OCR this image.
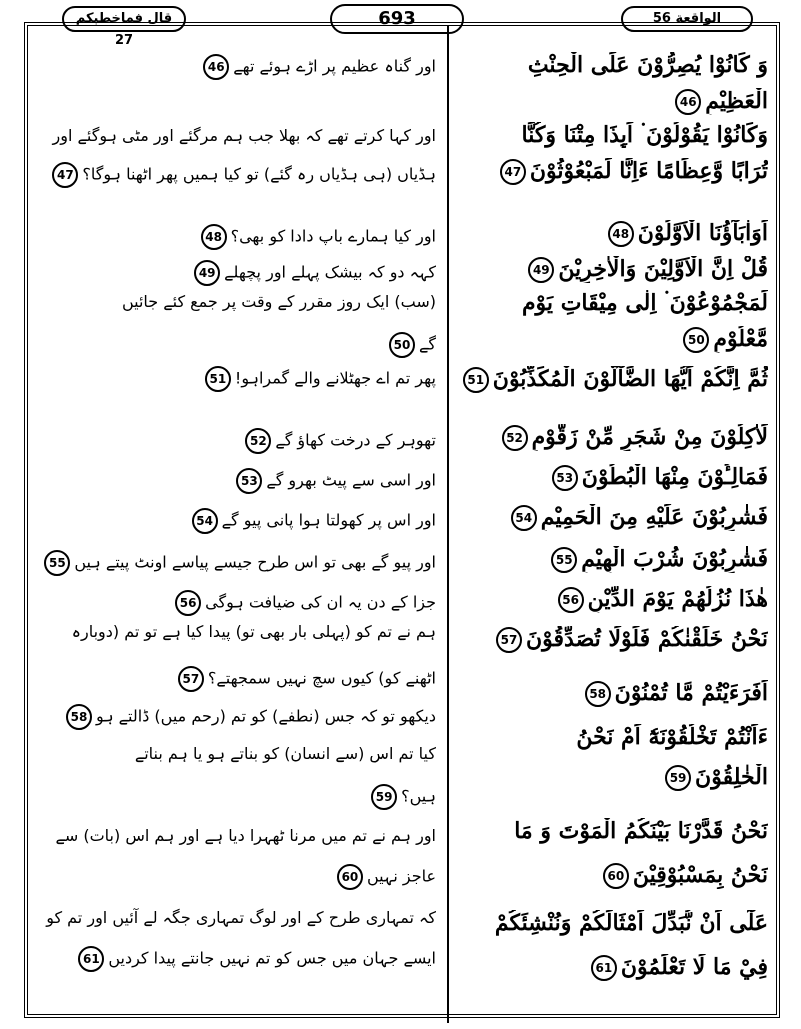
قال فماخطبکم 27
693	الواقعة 56
وَ كَانُوْا يُصِرُّوْنَ عَلَى الْحِنْثِ
الْعَظِيْمِ46
وَكَانُوْا يَقُوْلُوْنَ ۬ اَىِٕذَا مِتْنَا وَكُنَّا
تُرَابًا وَّعِظَامًا ءَاِنَّا لَمَبْعُوْثُوْنَ47
اَوَاٰبَآؤُنَا الْاَوَّلُوْنَ48
قُلْ اِنَّ الْاَوَّلِيْنَ وَالْاٰخِرِيْنَ49
لَمَجْمُوْعُوْنَ ۬ اِلٰى مِيْقَاتِ يَوْمٍ
مَّعْلُوْمٍ50
ثُمَّ اِنَّكُمْ اَيُّهَا الضَّآلُّوْنَ الْمُكَذِّبُوْنَ51
لَاٰكِلُوْنَ مِنْ شَجَرٍ مِّنْ زَقُّوْمٍ52
فَمَالِـُٔوْنَ مِنْهَا الْبُطُوْنَ53
فَشٰرِبُوْنَ عَلَيْهِ مِنَ الْحَمِيْمِ54
فَشٰرِبُوْنَ شُرْبَ الْهِيْمِ55
هٰذَا نُزُلُهُمْ يَوْمَ الدِّيْنِ56
نَحْنُ خَلَقْنٰكُمْ فَلَوْلَا تُصَدِّقُوْنَ57
اَفَرَءَيْتُمْ مَّا تُمْنُوْنَ58
ءَاَنْتُمْ تَخْلُقُوْنَهٗٓ اَمْ نَحْنُ
الْخٰلِقُوْنَ59
نَحْنُ قَدَّرْنَا بَيْنَكُمُ الْمَوْتَ وَ مَا
نَحْنُ بِمَسْبُوْقِيْنَ60
عَلٰٓى اَنْ نُّبَدِّلَ اَمْثَالَكُمْ وَنُنْشِئَكُمْ
فِيْ مَا لَا تَعْلَمُوْنَ61
اور گناہ عظیم پر اڑے ہوئے تھے46
اور کہا کرتے تھے کہ بھلا جب ہم مرگئے اور مٹی ہوگئے اور
ہڈیاں (ہی ہڈیاں رہ گئے) تو کیا ہمیں پھر اٹھنا ہوگا؟47
اور کیا ہمارے باپ دادا کو بھی؟48
کہہ دو کہ بیشک پہلے اور پچھلے49
(سب) ایک روز مقرر کے وقت پر جمع کئے جائیں
گے50
پھر تم اے جھٹلانے والے گمراہو!51
تھوہر کے درخت کھاؤ گے52
اور اسی سے پیٹ بھرو گے53
اور اس پر کھولتا ہوا پانی پیو گے54
اور پیو گے بھی تو اس طرح جیسے پیاسے اونٹ پیتے ہیں55
جزا کے دن یہ ان کی ضیافت ہوگی56
ہم نے تم کو (پہلی بار بھی تو) پیدا کیا ہے تو تم (دوبارہ
اٹھنے کو) کیوں سچ نہیں سمجھتے؟57
دیکھو تو کہ جس (نطفے) کو تم (رحم میں) ڈالتے ہو58
کیا تم اس (سے انسان) کو بناتے ہو یا ہم بناتے
ہیں؟59
اور ہم نے تم میں مرنا ٹھہرا دیا ہے اور ہم اس (بات) سے
عاجز نہیں60
کہ تمہاری طرح کے اور لوگ تمہاری جگہ لے آئیں اور تم کو
ایسے جہان میں جس کو تم نہیں جانتے پیدا کردیں61
